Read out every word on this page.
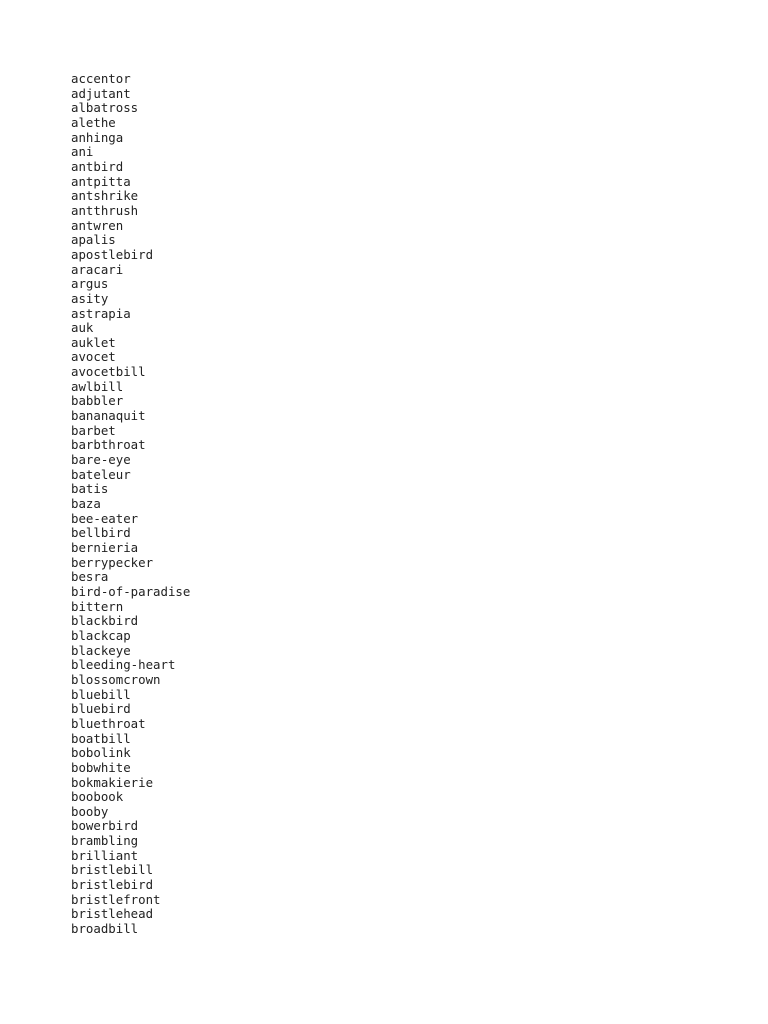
accentor
adjutant
albatross
alethe
anhinga
ani
antbird
antpitta
antshrike
antthrush
antwren
apalis
apostlebird
aracari
argus
asity
astrapia
auk
auklet
avocet
avocetbill
awlbill
babbler
bananaquit
barbet
barbthroat
bare-eye
bateleur
batis
baza
bee-eater
bellbird
bernieria
berrypecker
besra
bird-of-paradise
bittern
blackbird
blackcap
blackeye
bleeding-heart
blossomcrown
bluebill
bluebird
bluethroat
boatbill
bobolink
bobwhite
bokmakierie
boobook
booby
bowerbird
brambling
brilliant
bristlebill
bristlebird
bristlefront
bristlehead
broadbill
